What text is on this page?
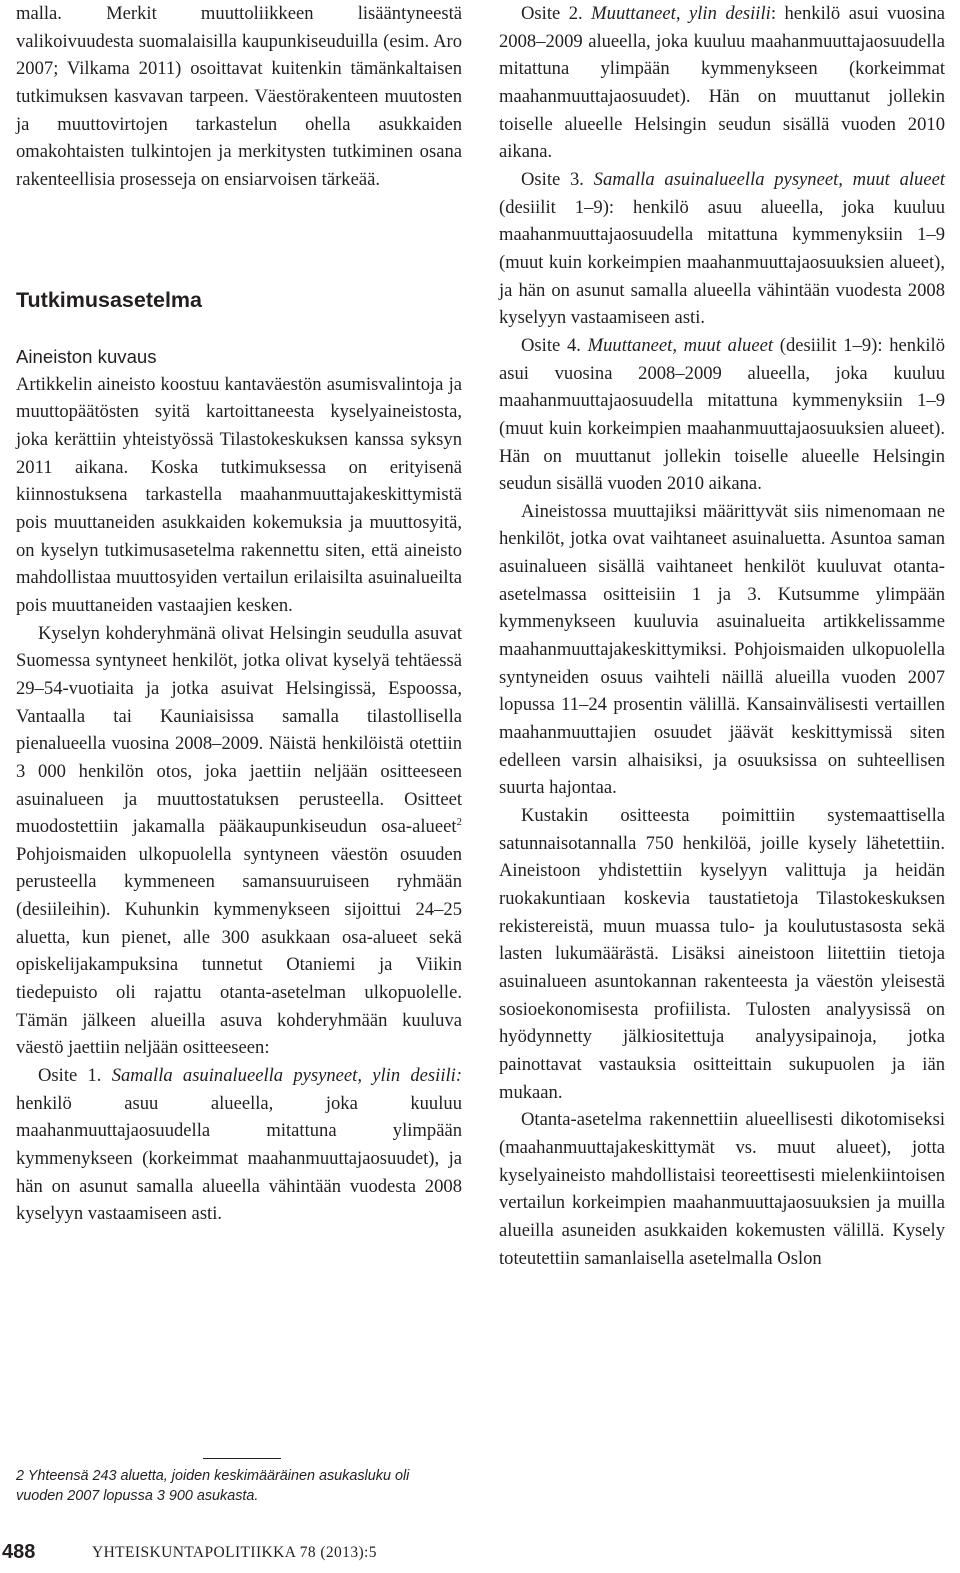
malla. Merkit muuttoliikkeen lisääntyneestä valikoivuudesta suomalaisilla kaupunkiseuduilla (esim. Aro 2007; Vilkama 2011) osoittavat kuitenkin tämänkaltaisen tutkimuksen kasvavan tarpeen. Väestörakenteen muutosten ja muuttovirtojen tarkastelun ohella asukkaiden omakohtaisten tulkintojen ja merkitysten tutkiminen osana rakenteellisia prosesseja on ensiarvoisen tärkeää.

Tutkimusasetelma
Aineiston kuvaus

Artikkelin aineisto koostuu kantaväestön asumisvalintoja ja muuttopäätösten syitä kartoittaneesta kyselyaineistosta, joka kerättiin yhteistyössä Tilastokeskuksen kanssa syksyn 2011 aikana. Koska tutkimuksessa on erityisenä kiinnostuksena tarkastella maahanmuuttajakeskittymistä pois muuttaneiden asukkaiden kokemuksia ja muuttosyitä, on kyselyn tutkimusasetelma rakennettu siten, että aineisto mahdollistaa muuttosyiden vertailun erilaisilta asuinalueilta pois muuttaneiden vastaajien kesken.

Kyselyn kohderyhmänä olivat Helsingin seudulla asuvat Suomessa syntyneet henkilöt, jotka olivat kyselyä tehtäessä 29–54-vuotiaita ja jotka asuivat Helsingissä, Espoossa, Vantaalla tai Kauniaisissa samalla tilastollisella pienalueella vuosina 2008–2009. Näistä henkilöistä otettiin 3 000 henkilön otos, joka jaettiin neljään ositteeseen asuinalueen ja muuttostatuksen perusteella. Ositteet muodostettiin jakamalla pääkaupunkiseudun osa-alueet$^2$ Pohjoismaiden ulkopuolella syntyneen väestön osuuden perusteella kymmeneen samansuuruiseen ryhmään (desiileihin). Kuhunkin kymmenykseen sijoittui 24–25 aluetta, kun pienet, alle 300 asukkaan osa-alueet sekä opiskelijakampuksina tunnetut Otaniemi ja Viikin tiedepuisto oli rajattu otanta-asetelman ulkopuolelle. Tämän jälkeen alueilla asuva kohderyhmään kuuluva väestö jaettiin neljään ositteeseen:

Osite 1. Samalla asuinalueella pysyneet, ylin desiili: henkilö asuu alueella, joka kuuluu maahanmuuttajaosuudella mitattuna ylimpään kymmenykseen (korkeimmat maahanmuuttajaosuudet), ja hän on asunut samalla alueella vähintään vuodesta 2008 kyselyyn vastaamiseen asti.

2 Yhteensä 243 aluetta, joiden keskimääräinen asukasluku oli vuoden 2007 lopussa 3 900 asukasta.

Osite 2. Muuttaneet, ylin desiili: henkilö asui vuosina 2008–2009 alueella, joka kuuluu maahanmuuttajaosuudella mitattuna ylimpään kymmenykseen (korkeimmat maahanmuuttajaosuudet). Hän on muuttanut jollekin toiselle alueelle Helsingin seudun sisällä vuoden 2010 aikana.

Osite 3. Samalla asuinalueella pysyneet, muut alueet (desiilit 1–9): henkilö asuu alueella, joka kuuluu maahanmuuttajaosuudella mitattuna kymmenyksiin 1–9 (muut kuin korkeimpien maahanmuuttajaosuuksien alueet), ja hän on asunut samalla alueella vähintään vuodesta 2008 kyselyyn vastaamiseen asti.

Osite 4. Muuttaneet, muut alueet (desiilit 1–9): henkilö asui vuosina 2008–2009 alueella, joka kuuluu maahanmuuttajaosuudella mitattuna kymmenyksiin 1–9 (muut kuin korkeimpien maahanmuuttajaosuuksien alueet). Hän on muuttanut jollekin toiselle alueelle Helsingin seudun sisällä vuoden 2010 aikana.

Aineistossa muuttajiksi määrittyvät siis nimenomaan ne henkilöt, jotka ovat vaihtaneet asuinaluetta. Asuntoa saman asuinalueen sisällä vaihtaneet henkilöt kuuluvat otanta-asetelmassa ositteisiin 1 ja 3. Kutsumme ylimpään kymmenykseen kuuluvia asuinalueita artikkelissamme maahanmuuttajakeskittymiksi. Pohjoismaiden ulkopuolella syntyneiden osuus vaihteli näillä alueilla vuoden 2007 lopussa 11–24 prosentin välillä. Kansainvälisesti vertaillen maahanmuuttajien osuudet jäävät keskittymissä siten edelleen varsin alhaisiksi, ja osuuksissa on suhteellisen suurta hajontaa.

Kustakin ositteesta poimittiin systemaattisella satunnaisotannalla 750 henkilöä, joille kysely lähetettiin. Aineistoon yhdistettiin kyselyyn valittuja ja heidän ruokakuntiaan koskevia taustatietoja Tilastokeskuksen rekistereistä, muun muassa tulo- ja koulutustasosta sekä lasten lukumäärästä. Lisäksi aineistoon liitettiin tietoja asuinalueen asuntokannan rakenteesta ja väestön yleisestä sosioekonomisesta profiilista. Tulosten analyysissä on hyödynnetty jälkiositettuja analyysipainoja, jotka painottavat vastauksia ositteittain sukupuolen ja iän mukaan.

Otanta-asetelma rakennettiin alueellisesti dikotomiseksi (maahanmuuttajakeskittymät vs. muut alueet), jotta kyselyaineisto mahdollistaisi teoreettisesti mielenkiintoisen vertailun korkeimpien maahanmuuttajaosuuksien ja muilla alueilla asuneiden asukkaiden kokemusten välillä. Kysely toteutettiin samanlaisella asetelmalla Oslon

488	YHTEISKUNTAPOLITIIKKA 78 (2013):5
